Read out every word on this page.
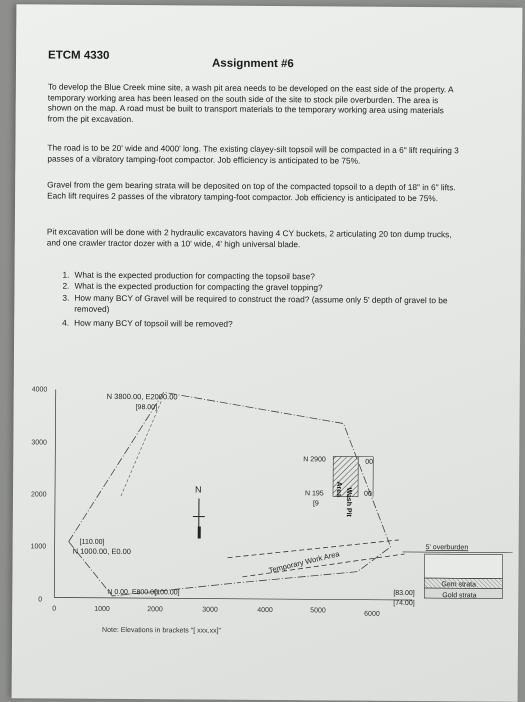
ETCM 4330
Assignment #6

To develop the Blue Creek mine site, a wash pit area needs to be developed on the east side of the property. A temporary working area has been leased on the south side of the site to stock pile overburden. The area is shown on the map. A road must be built to transport materials to the temporary working area using materials from the pit excavation.

The road is to be 20' wide and 4000' long. The existing clayey-silt topsoil will be compacted in a 6" lift requiring 3 passes of a vibratory tamping-foot compactor. Job efficiency is anticipated to be 75%.

Gravel from the gem bearing strata will be deposited on top of the compacted topsoil to a depth of 18" in 6" lifts. Each lift requires 2 passes of the vibratory tamping-foot compactor. Job efficiency is anticipated to be 75%.

Pit excavation will be done with 2 hydraulic excavators having 4 CY buckets, 2 articulating 20 ton dump trucks, and one crawler tractor dozer with a 10' wide, 4' high universal blade.

1. What is the expected production for compacting the topsoil base?
2. What is the expected production for compacting the gravel topping?
3. How many BCY of Gravel will be required to construct the road? (assume only 5' depth of gravel to be removed)
4. How many BCY of topsoil will be removed?
4000
3000
2000
1000
0
0	1000	2000	3000	4000	5000	6000
Wash Pit
Area
N
N 3800.00, E2000.00
[98.00]
[110.00]
N 1000.00, E0.00
N 0.00, E800.00
[100.00]
N 2900	00
N 195	00
[9
Temporary Work Area
5' overburden
Gem strata
Gold strata
[83.00]
[74.00]
Note: Elevations in brackets "[ xxx.xx]"
